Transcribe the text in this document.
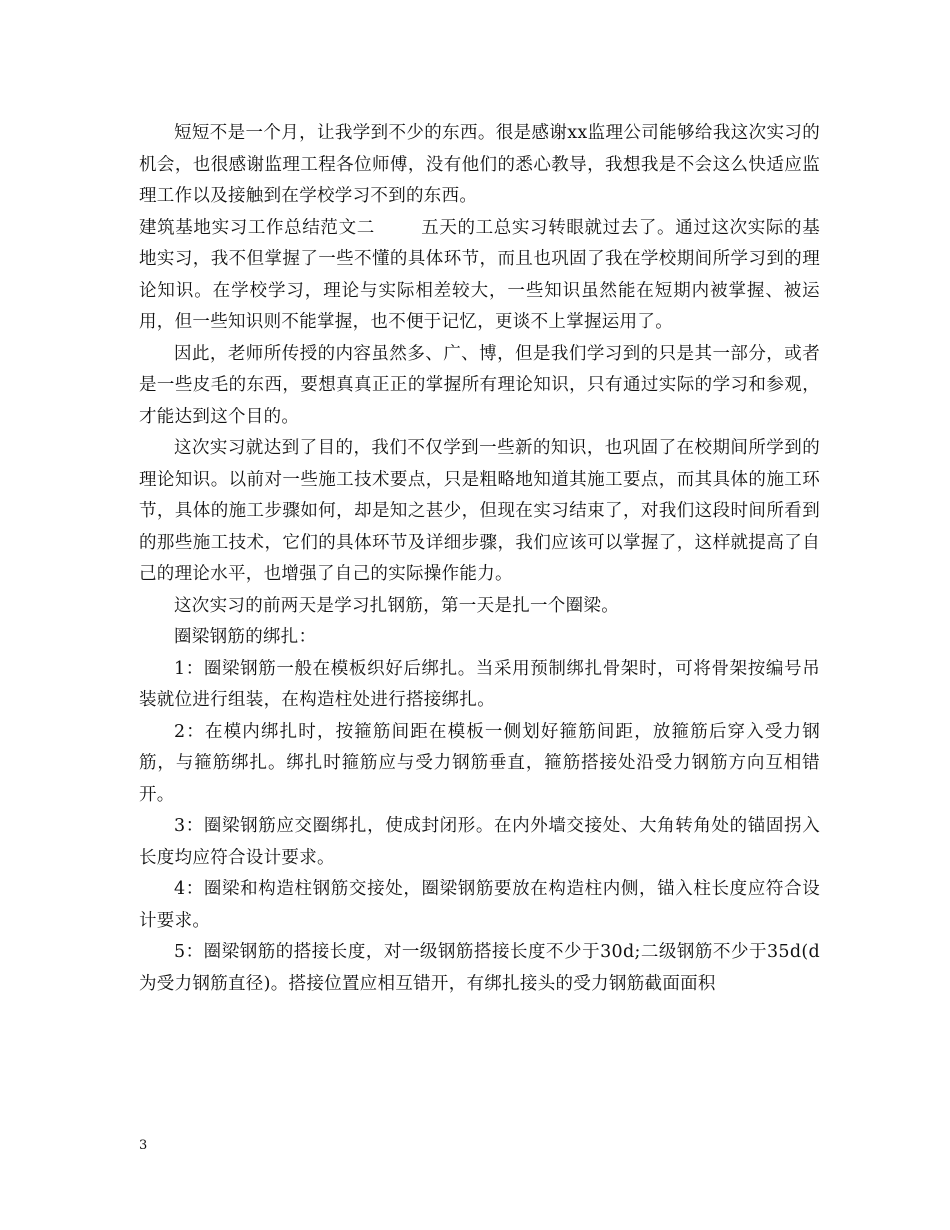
短短不是一个月，让我学到不少的东西。很是感谢xx监理公司能够给我这次实习的机会，也很感谢监理工程各位师傅，没有他们的悉心教导，我想我是不会这么快适应监理工作以及接触到在学校学习不到的东西。

建筑基地实习工作总结范文二	五天的工总实习转眼就过去了。通过这次实际的基地实习，我不但掌握了一些不懂的具体环节，而且也巩固了我在学校期间所学习到的理论知识。在学校学习，理论与实际相差较大，一些知识虽然能在短期内被掌握、被运用，但一些知识则不能掌握，也不便于记忆，更谈不上掌握运用了。

因此，老师所传授的内容虽然多、广、博，但是我们学习到的只是其一部分，或者是一些皮毛的东西，要想真真正正的掌握所有理论知识，只有通过实际的学习和参观，才能达到这个目的。

这次实习就达到了目的，我们不仅学到一些新的知识，也巩固了在校期间所学到的理论知识。以前对一些施工技术要点，只是粗略地知道其施工要点，而其具体的施工环节，具体的施工步骤如何，却是知之甚少，但现在实习结束了，对我们这段时间所看到的那些施工技术，它们的具体环节及详细步骤，我们应该可以掌握了，这样就提高了自己的理论水平，也增强了自己的实际操作能力。

这次实习的前两天是学习扎钢筋，第一天是扎一个圈梁。

圈梁钢筋的绑扎：

1：圈梁钢筋一般在模板织好后绑扎。当采用预制绑扎骨架时，可将骨架按编号吊装就位进行组装，在构造柱处进行搭接绑扎。

2：在模内绑扎时，按箍筋间距在模板一侧划好箍筋间距，放箍筋后穿入受力钢筋，与箍筋绑扎。绑扎时箍筋应与受力钢筋垂直，箍筋搭接处沿受力钢筋方向互相错开。

3：圈梁钢筋应交圈绑扎，使成封闭形。在内外墙交接处、大角转角处的锚固拐入长度均应符合设计要求。

4：圈梁和构造柱钢筋交接处，圈梁钢筋要放在构造柱内侧，锚入柱长度应符合设计要求。

5：圈梁钢筋的搭接长度，对一级钢筋搭接长度不少于30d;二级钢筋不少于35d(d为受力钢筋直径)。搭接位置应相互错开，有绑扎接头的受力钢筋截面面积

3
